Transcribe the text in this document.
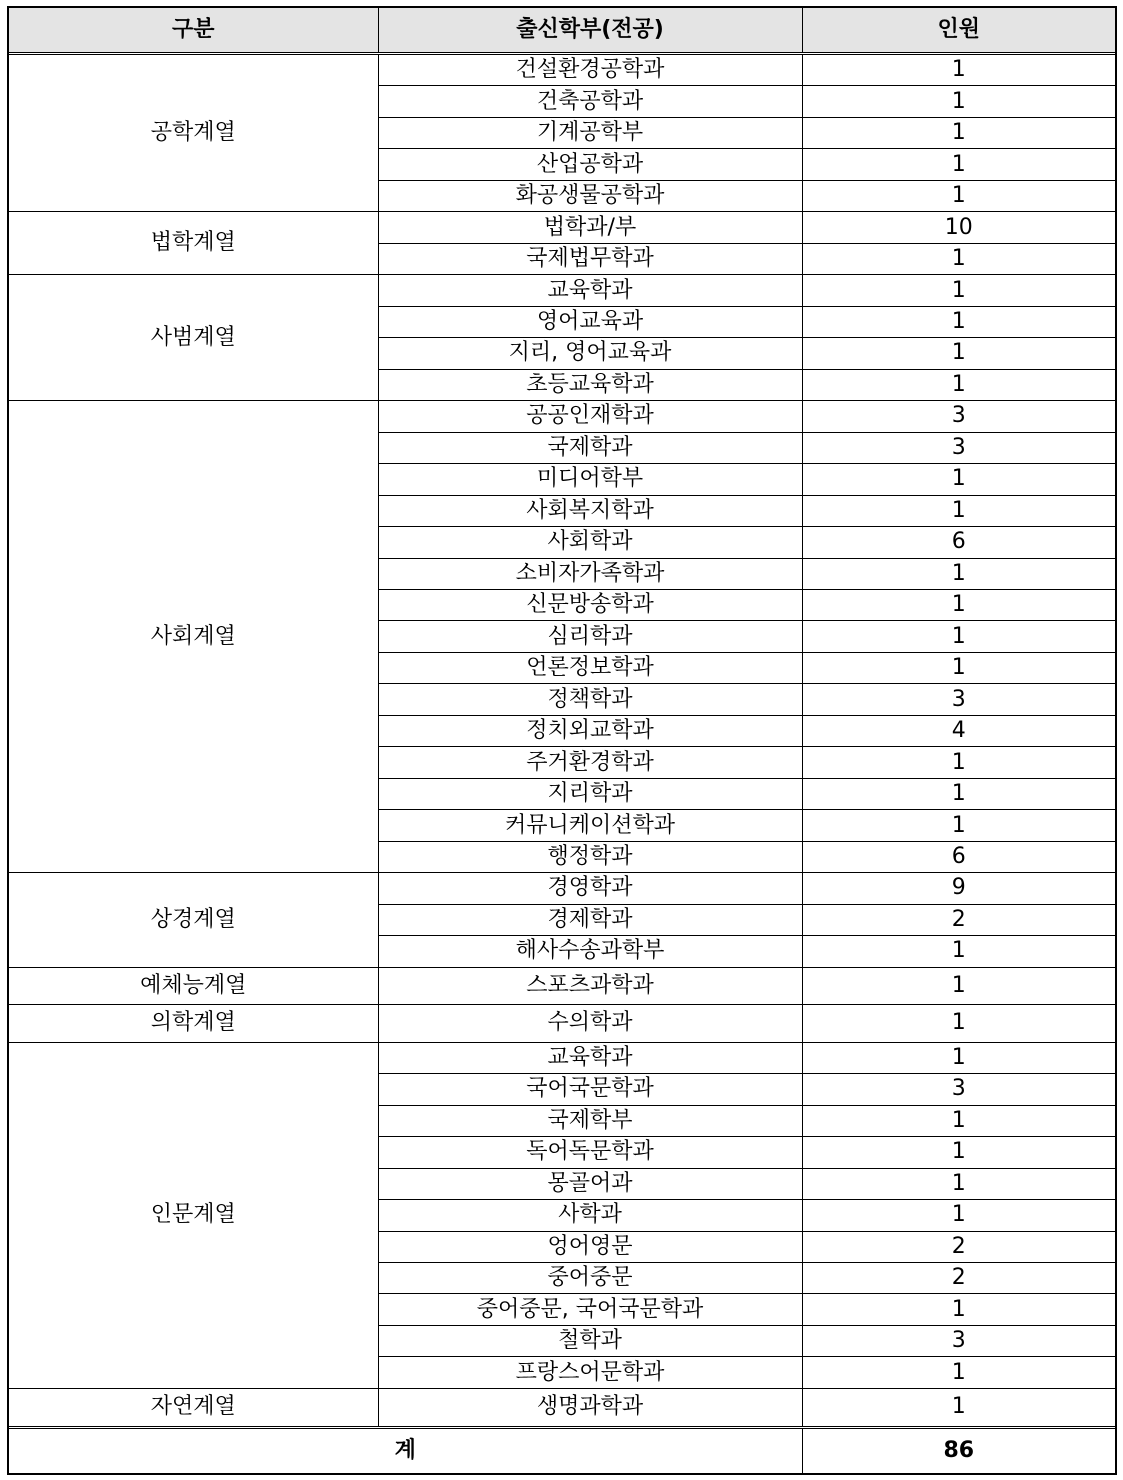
구분	출신학부(전공)	인원
공학계열	건설환경공학과	1
	건축공학과	1
	기계공학부	1
	산업공학과	1
	화공생물공학과	1
법학계열	법학과/부	10
	국제법무학과	1
사범계열	교육학과	1
	영어교육과	1
	지리, 영어교육과	1
	초등교육학과	1
사회계열	공공인재학과	3
	국제학과	3
	미디어학부	1
	사회복지학과	1
	사회학과	6
	소비자가족학과	1
	신문방송학과	1
	심리학과	1
	언론정보학과	1
	정책학과	3
	정치외교학과	4
	주거환경학과	1
	지리학과	1
	커뮤니케이션학과	1
	행정학과	6
상경계열	경영학과	9
	경제학과	2
	해사수송과학부	1
예체능계열	스포츠과학과	1
의학계열	수의학과	1
인문계열	교육학과	1
	국어국문학과	3
	국제학부	1
	독어독문학과	1
	몽골어과	1
	사학과	1
	엉어영문	2
	중어중문	2
	중어중문, 국어국문학과	1
	철학과	3
	프랑스어문학과	1
자연계열	생명과학과	1
계		86
